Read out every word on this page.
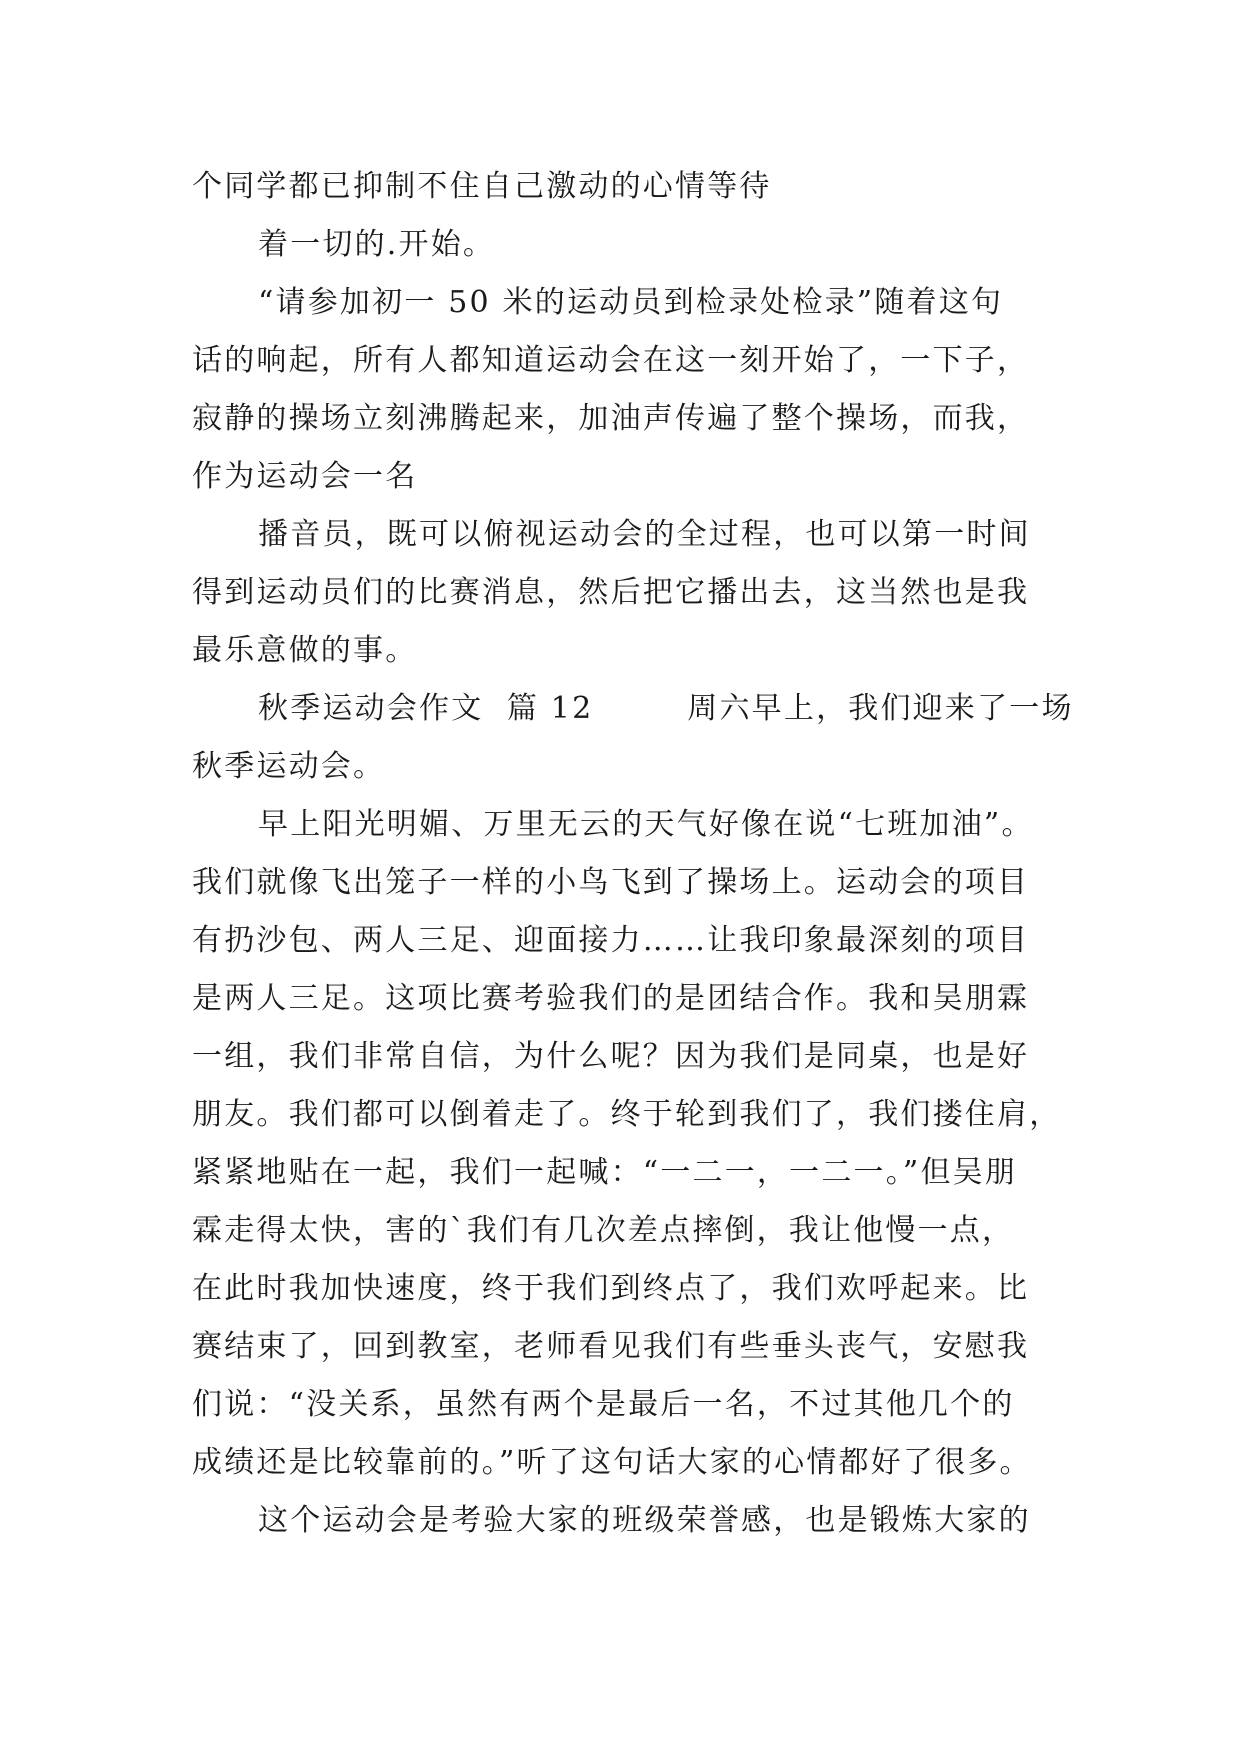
个同学都已抑制不住自己激动的心情等待
着一切的.开始。
“请参加初一 50 米的运动员到检录处检录”随着这句
话的响起，所有人都知道运动会在这一刻开始了，一下子，
寂静的操场立刻沸腾起来，加油声传遍了整个操场，而我，
作为运动会一名
播音员，既可以俯视运动会的全过程，也可以第一时间
得到运动员们的比赛消息，然后把它播出去，这当然也是我
最乐意做的事。
秋季运动会作文  篇 12        周六早上，我们迎来了一场
秋季运动会。
早上阳光明媚、万里无云的天气好像在说“七班加油”。
我们就像飞出笼子一样的小鸟飞到了操场上。运动会的项目
有扔沙包、两人三足、迎面接力……让我印象最深刻的项目
是两人三足。这项比赛考验我们的是团结合作。我和吴朋霖
一组，我们非常自信，为什么呢？因为我们是同桌，也是好
朋友。我们都可以倒着走了。终于轮到我们了，我们搂住肩，
紧紧地贴在一起，我们一起喊：“一二一，一二一。”但吴朋
霖走得太快，害的`我们有几次差点摔倒，我让他慢一点，
在此时我加快速度，终于我们到终点了，我们欢呼起来。比
赛结束了，回到教室，老师看见我们有些垂头丧气，安慰我
们说：“没关系，虽然有两个是最后一名，不过其他几个的
成绩还是比较靠前的。”听了这句话大家的心情都好了很多。
这个运动会是考验大家的班级荣誉感，也是锻炼大家的
